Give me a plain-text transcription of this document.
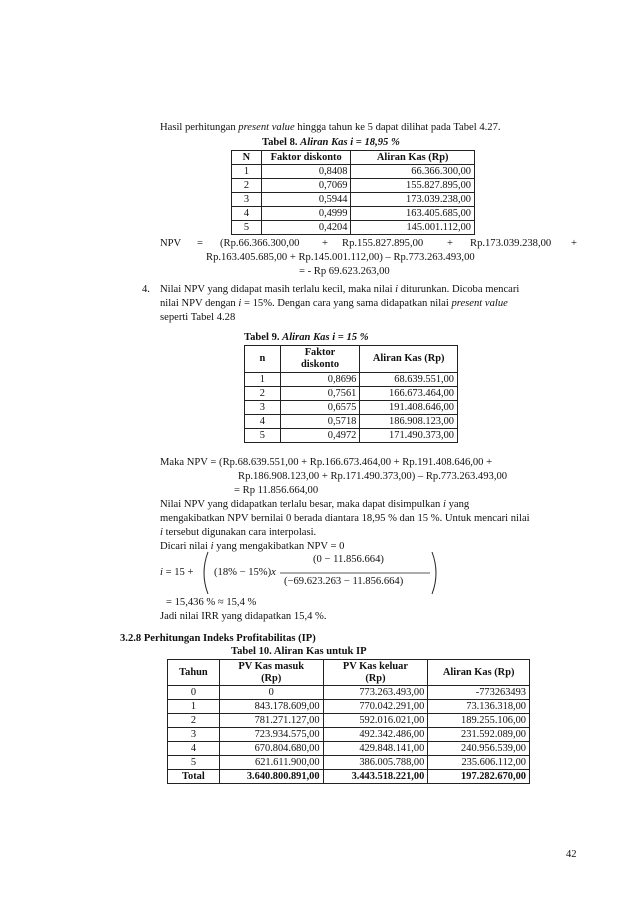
Hasil perhitungan present value hingga tahun ke 5 dapat dilihat pada Tabel 4.27.
Tabel 8. Aliran Kas i = 18,95 %
N	Faktor diskonto	Aliran Kas (Rp)
1	0,8408	66.366.300,00
2	0,7069	155.827.895,00
3	0,5944	173.039.238,00
4	0,4999	163.405.685,00
5	0,4204	145.001.112,00
NPV = (Rp.66.366.300,00 + Rp.155.827.895,00 + Rp.173.039.238,00 +
Rp.163.405.685,00 + Rp.145.001.112,00) – Rp.773.263.493,00
= - Rp 69.623.263,00
4. Nilai NPV yang didapat masih terlalu kecil, maka nilai i diturunkan. Dicoba mencari
nilai NPV dengan i = 15%. Dengan cara yang sama didapatkan nilai present value
seperti Tabel 4.28
Tabel 9. Aliran Kas i = 15 %
n	Faktor diskonto	Aliran Kas (Rp)
1	0,8696	68.639.551,00
2	0,7561	166.673.464,00
3	0,6575	191.408.646,00
4	0,5718	186.908.123,00
5	0,4972	171.490.373,00
Maka NPV = (Rp.68.639.551,00 + Rp.166.673.464,00 + Rp.191.408.646,00 +
Rp.186.908.123,00 + Rp.171.490.373,00) – Rp.773.263.493,00
= Rp 11.856.664,00
Nilai NPV yang didapatkan terlalu besar, maka dapat disimpulkan i yang
mengakibatkan NPV bernilai 0 berada diantara 18,95 % dan 15 %. Untuk mencari nilai
i tersebut digunakan cara interpolasi.
Dicari nilai i yang mengakibatkan NPV = 0
i = 15 + (18% − 15%)x
(0 − 11.856.664)
(−69.623.263 − 11.856.664)
= 15,436 % ≈ 15,4 %
Jadi nilai IRR yang didapatkan 15,4 %.
3.2.8 Perhitungan Indeks Profitabilitas (IP)
Tabel 10. Aliran Kas untuk IP
Tahun	PV Kas masuk (Rp)	PV Kas keluar (Rp)	Aliran Kas (Rp)
0	0	773.263.493,00	-773263493
1	843.178.609,00	770.042.291,00	73.136.318,00
2	781.271.127,00	592.016.021,00	189.255.106,00
3	723.934.575,00	492.342.486,00	231.592.089,00
4	670.804.680,00	429.848.141,00	240.956.539,00
5	621.611.900,00	386.005.788,00	235.606.112,00
Total	3.640.800.891,00	3.443.518.221,00	197.282.670,00
42
